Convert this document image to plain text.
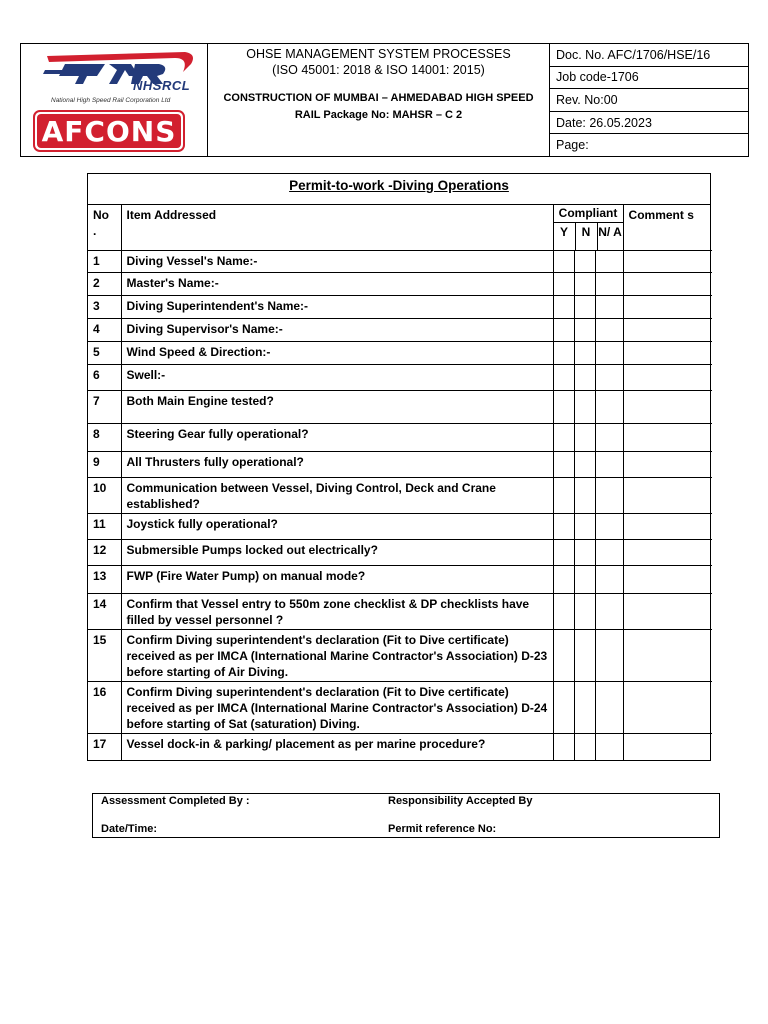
NHSRCL
National High Speed Rail Corporation Ltd
AFCONS
OHSE MANAGEMENT SYSTEM PROCESSES
(ISO 45001: 2018 & ISO 14001: 2015)
CONSTRUCTION OF MUMBAI – AHMEDABAD HIGH SPEED
RAIL Package No: MAHSR – C 2
Doc. No. AFC/1706/HSE/16
Job code-1706
Rev. No:00
Date: 26.05.2023
Page:
Permit-to-work -Diving Operations
No .	Item Addressed	Compliant
Y N N/ A			Comment s
1	Diving Vessel's Name:-				
2	Master's Name:-				
3	Diving Superintendent's Name:-				
4	Diving Supervisor's Name:-				
5	Wind Speed & Direction:-				
6	Swell:-				
7	Both Main Engine tested?				
8	Steering Gear fully operational?				
9	All Thrusters fully operational?				
10	Communication between Vessel, Diving Control, Deck and Crane established?				
11	Joystick fully operational?				
12	Submersible Pumps locked out electrically?				
13	FWP (Fire Water Pump) on manual mode?				
14	Confirm that Vessel entry to 550m zone checklist & DP checklists have filled by vessel personnel ?				
15	Confirm Diving superintendent's declaration (Fit to Dive certificate) received as per IMCA (International Marine Contractor's Association) D-23 before starting of Air Diving.				
16	Confirm Diving superintendent's declaration (Fit to Dive certificate) received as per IMCA (International Marine Contractor's Association) D-24 before starting of Sat (saturation) Diving.				
17	Vessel dock-in & parking/ placement as per marine procedure?				
Assessment Completed By :	Responsibility Accepted By
Date/Time:	Permit reference No:
